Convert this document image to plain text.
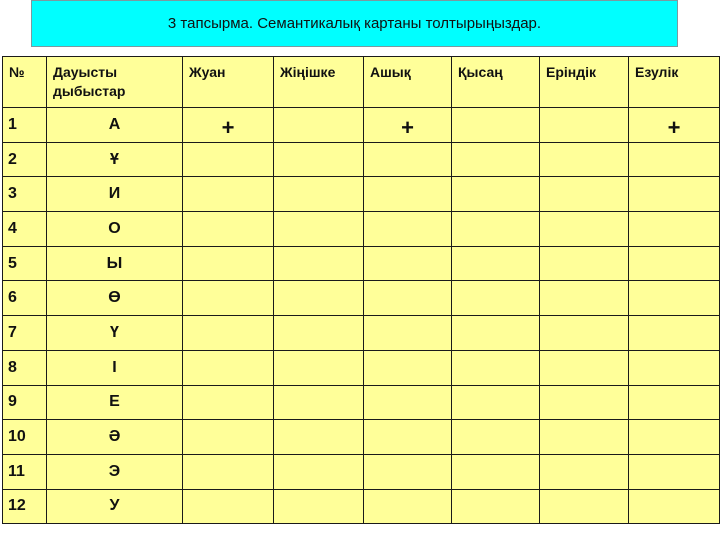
3 тапсырма. Семантикалық картаны толтырыңыздар.
№	Дауысты дыбыстар	Жуан	Жіңішке	Ашық	Қысаң	Еріндік	Езулік
1	А	+		+			+
2	Ұ						
3	И						
4	О						
5	Ы						
6	Ө						
7	Ү						
8	І						
9	Е						
10	Ә						
11	Э						
12	У						
